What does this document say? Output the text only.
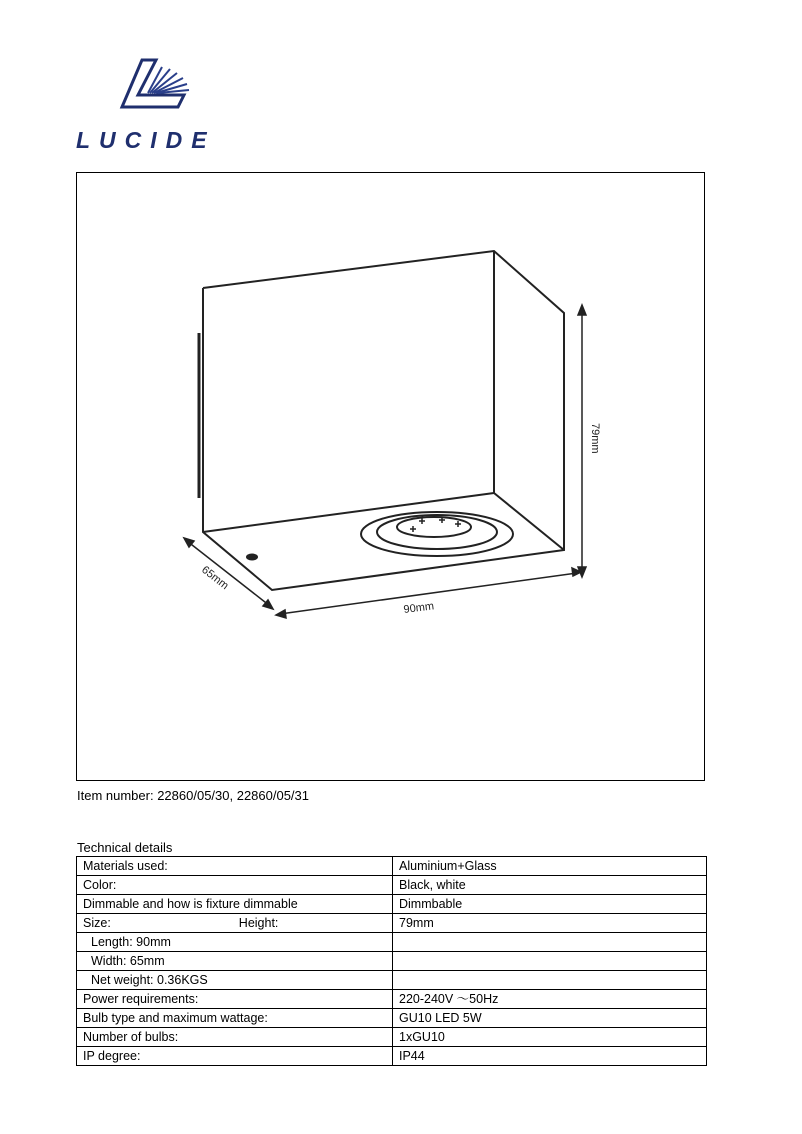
LUCIDE
79mm
65mm
90mm
Item number: 22860/05/30, 22860/05/31
Technical details
Materials used:	Aluminium+Glass
Color:	Black, white
Dimmable and how is fixture dimmable	Dimmbable
Size: Height:	79mm
Length: 90mm	
Width: 65mm	
Net weight: 0.36KGS	
Power requirements:	220-240V ～50Hz
Bulb type and maximum wattage:	GU10 LED 5W
Number of bulbs:	1xGU10
IP degree:	IP44
